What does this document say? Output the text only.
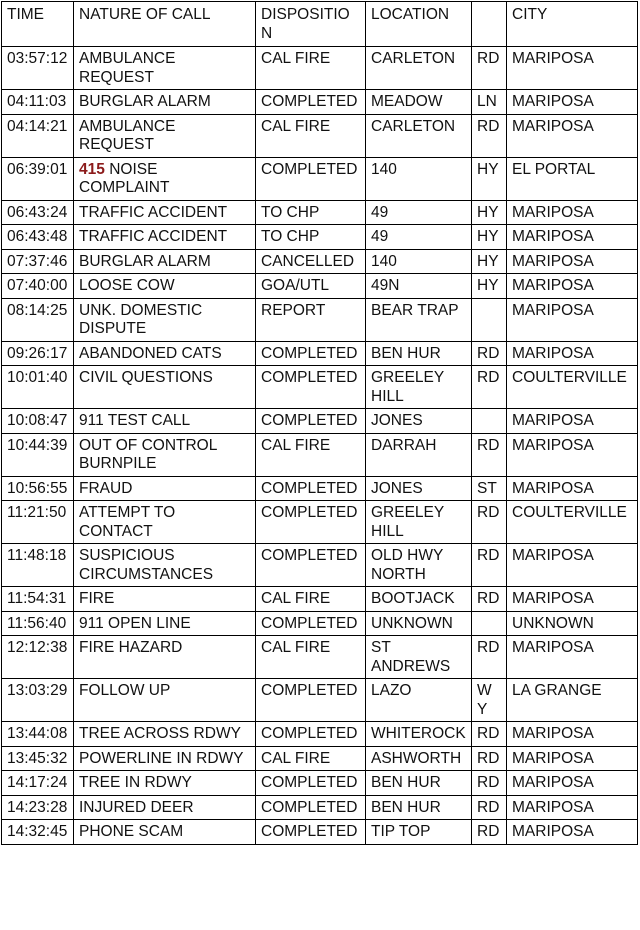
TIME	NATURE OF CALL	DISPOSITION	LOCATION		CITY
03:57:12	AMBULANCE REQUEST	CAL FIRE	CARLETON	RD	MARIPOSA
04:11:03	BURGLAR ALARM	COMPLETED	MEADOW	LN	MARIPOSA
04:14:21	AMBULANCE REQUEST	CAL FIRE	CARLETON	RD	MARIPOSA
06:39:01	415 NOISE COMPLAINT	COMPLETED	140	HY	EL PORTAL
06:43:24	TRAFFIC ACCIDENT	TO CHP	49	HY	MARIPOSA
06:43:48	TRAFFIC ACCIDENT	TO CHP	49	HY	MARIPOSA
07:37:46	BURGLAR ALARM	CANCELLED	140	HY	MARIPOSA
07:40:00	LOOSE COW	GOA/UTL	49N	HY	MARIPOSA
08:14:25	UNK. DOMESTIC DISPUTE	REPORT	BEAR TRAP		MARIPOSA
09:26:17	ABANDONED CATS	COMPLETED	BEN HUR	RD	MARIPOSA
10:01:40	CIVIL QUESTIONS	COMPLETED	GREELEY HILL	RD	COULTERVILLE
10:08:47	911 TEST CALL	COMPLETED	JONES		MARIPOSA
10:44:39	OUT OF CONTROL BURNPILE	CAL FIRE	DARRAH	RD	MARIPOSA
10:56:55	FRAUD	COMPLETED	JONES	ST	MARIPOSA
11:21:50	ATTEMPT TO CONTACT	COMPLETED	GREELEY HILL	RD	COULTERVILLE
11:48:18	SUSPICIOUS CIRCUMSTANCES	COMPLETED	OLD HWY NORTH	RD	MARIPOSA
11:54:31	FIRE	CAL FIRE	BOOTJACK	RD	MARIPOSA
11:56:40	911 OPEN LINE	COMPLETED	UNKNOWN		UNKNOWN
12:12:38	FIRE HAZARD	CAL FIRE	ST ANDREWS	RD	MARIPOSA
13:03:29	FOLLOW UP	COMPLETED	LAZO	WY	LA GRANGE
13:44:08	TREE ACROSS RDWY	COMPLETED	WHITEROCK	RD	MARIPOSA
13:45:32	POWERLINE IN RDWY	CAL FIRE	ASHWORTH	RD	MARIPOSA
14:17:24	TREE IN RDWY	COMPLETED	BEN HUR	RD	MARIPOSA
14:23:28	INJURED DEER	COMPLETED	BEN HUR	RD	MARIPOSA
14:32:45	PHONE SCAM	COMPLETED	TIP TOP	RD	MARIPOSA
